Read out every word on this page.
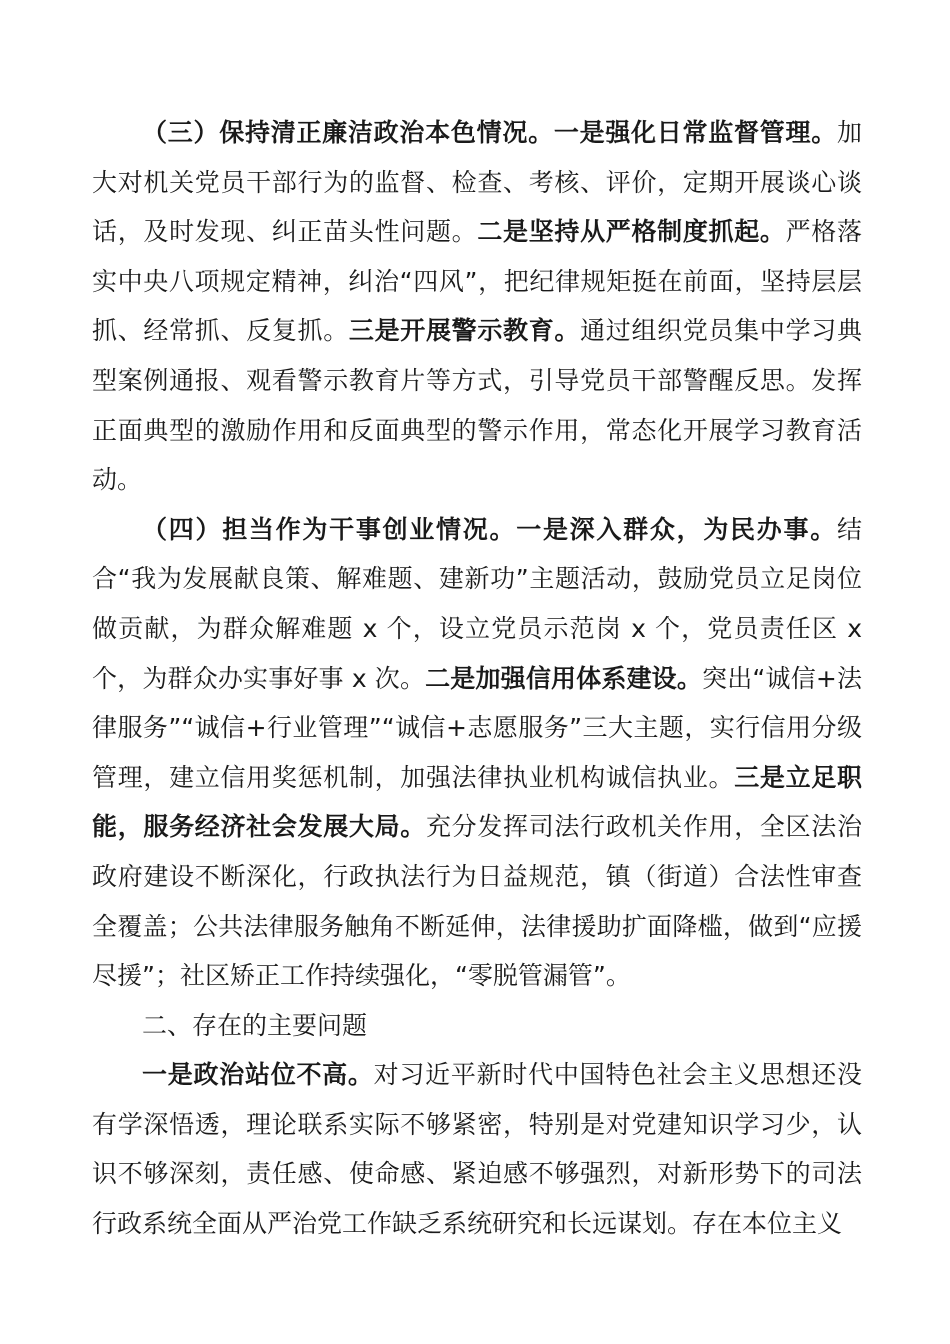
（三）保持清正廉洁政治本色情况。一是强化日常监督管理。加大对机关党员干部行为的监督、检查、考核、评价，定期开展谈心谈话，及时发现、纠正苗头性问题。二是坚持从严格制度抓起。严格落实中央八项规定精神，纠治“四风”，把纪律规矩挺在前面，坚持层层抓、经常抓、反复抓。三是开展警示教育。通过组织党员集中学习典型案例通报、观看警示教育片等方式，引导党员干部警醒反思。发挥正面典型的激励作用和反面典型的警示作用，常态化开展学习教育活动。

（四）担当作为干事创业情况。一是深入群众，为民办事。结合“我为发展献良策、解难题、建新功”主题活动，鼓励党员立足岗位做贡献，为群众解难题 x 个，设立党员示范岗 x 个，党员责任区 x 个，为群众办实事好事 x 次。二是加强信用体系建设。突出“诚信+法律服务”“诚信+行业管理”“诚信+志愿服务”三大主题，实行信用分级管理，建立信用奖惩机制，加强法律执业机构诚信执业。三是立足职能，服务经济社会发展大局。充分发挥司法行政机关作用，全区法治政府建设不断深化，行政执法行为日益规范，镇（街道）合法性审查全覆盖；公共法律服务触角不断延伸，法律援助扩面降槛，做到“应援尽援”；社区矫正工作持续强化，“零脱管漏管”。

二、存在的主要问题

一是政治站位不高。对习近平新时代中国特色社会主义思想还没有学深悟透，理论联系实际不够紧密，特别是对党建知识学习少，认识不够深刻，责任感、使命感、紧迫感不够强烈，对新形势下的司法行政系统全面从严治党工作缺乏系统研究和长远谋划。存在本位主义
